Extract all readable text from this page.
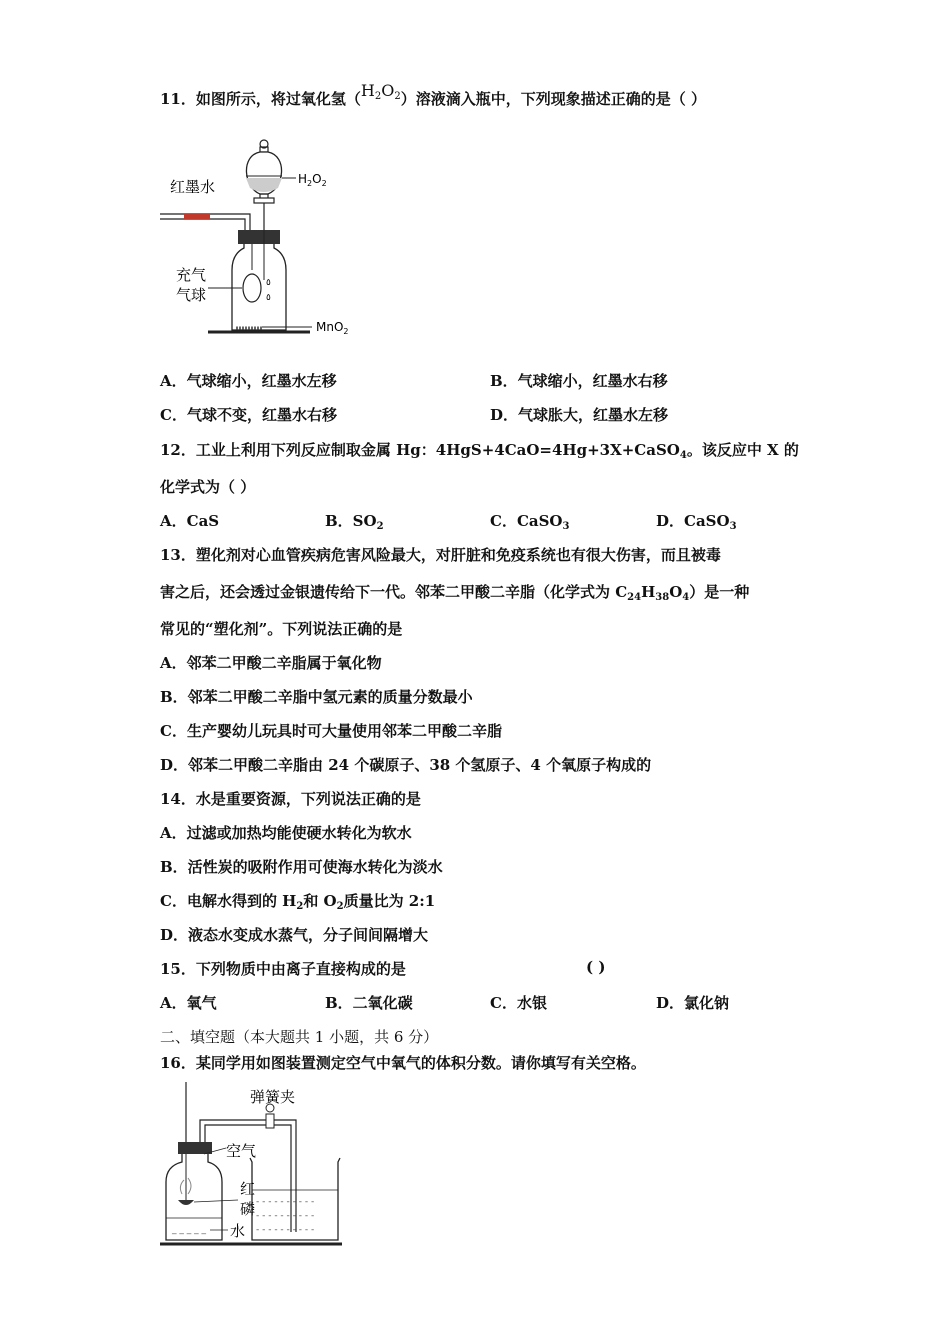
11．如图所示，将过氧化氢$(H_2O_2)$溶液滴入瓶中，下列现象描述正确的是（ ）
٥
٥
红墨水	$H_2O_2$
充气
气球
MnO$_2$
A．气球缩小，红墨水左移	B．气球缩小，红墨水右移
C．气球不变，红墨水右移	D．气球胀大，红墨水左移
12．工业上利用下列反应制取金属 Hg：4HgS+4CaO=4Hg+3X+CaSO$_4$。该反应中 X 的
化学式为（ ）
A．CaS	B．$SO_2$	C．CaSO$_3$	D．CaSO$_3$
13．塑化剂对心血管疾病危害风险最大，对肝脏和免疫系统也有很大伤害，而且被毒
害之后，还会透过金银遗传给下一代。邻苯二甲酸二辛脂（化学式为 $C_{24}H_{38}O_4$）是一种
常见的“塑化剂”。下列说法正确的是
A．邻苯二甲酸二辛脂属于氧化物
B．邻苯二甲酸二辛脂中氢元素的质量分数最小
C．生产婴幼儿玩具时可大量使用邻苯二甲酸二辛脂
D．邻苯二甲酸二辛脂由 24 个碳原子、38 个氢原子、4 个氧原子构成的
14．水是重要资源，下列说法正确的是
A．过滤或加热均能使硬水转化为软水
B．活性炭的吸附作用可使海水转化为淡水
C．电解水得到的 $H_2$和 $O_2$质量比为 2:1
D．液态水变成水蒸气，分子间间隔增大
15．下列物质中由离子直接构成的是	( )
A．氧气	B．二氧化碳	C．水银	D．氯化钠
二、填空题（本大题共 1 小题，共 6 分）
16．某同学用如图装置测定空气中氧气的体积分数。请你填写有关空格。
_ _ _ _ _
- - - - - - - - - -
- - - - - - - - - -
- - - - - - - - - -
弹簧夹
空气
红
磷
水
